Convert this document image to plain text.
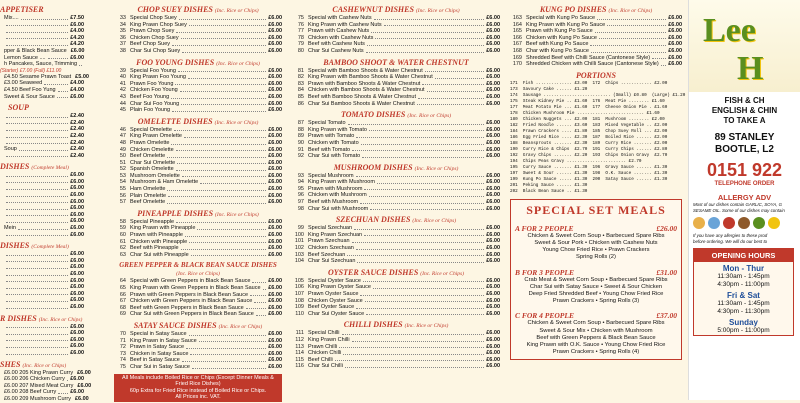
APPETISER
Mix....	£7.50
£6.00
£4.00
£4.20
£4.20
pper & Black Bean Sauce £6.00
Lemon Sauce ....	£6.00
h Pancakes, Sauce, Trimming
(Starter) £7.00 (Full) £11.00
£4.50 Sesame Prawn Toast £5.00
£3.00 Seaweed	£4.00
£4.50 Beef Foo Yung	£4.00
Sweet & Sour Sauce	£6.00
SOUP
£2.40
£2.40
£2.40
£2.40
£2.40
Soup	£2.40
£2.40
DISHES (Complete Meal)
£6.00
£6.00
£6.00
£6.00
£6.00
£6.00
£6.00
£6.00
Mein	£6.00
£6.00
DISHES (Complete Meal)
£6.00
£6.00
£6.00
£6.00
£6.00
£6.00
£6.00
£6.00
£6.00
R DISHES (Inc. Rice or Chips)
£6.00
£6.00
£6.00
£6.00
£6.00
SHES (Inc. Rice or Chips)
£6.00 205 King Prawn Curry £6.00
£6.00 206 Chicken Curry £6.00
£6.00 207 Mixed Meat Curry £6.00
£6.00 208 Beef Curry	£6.00
£6.00 209 Mushroom Curry £6.00
CHOP SUEY DISHES (Inc. Rice or Chips)
33 Special Chop Suey	£6.00
34 King Prawn Chop Suey	£6.00
35 Prawn Chop Suey	£6.00
36 Chicken Chop Suey	£6.00
37 Beef Chop Suey	£6.00
38 Char Sui Chop Suey	£6.00
FOO YOUNG DISHES (Inc. Rice or Chips)
39 Special Foo Young	£6.00
40 King Prawn Foo Young	£6.00
41 Prawn Foo Young	£6.00
42 Chicken Foo Young	£6.00
43 Beef Foo Young	£6.00
44 Char Sui Foo Young	£6.00
45 Plain Foo Young	£6.00
OMELETTE DISHES (Inc. Rice or Chips)
46 Special Omelette	£6.00
47 King Prawn Omelette	£6.00
48 Prawn Omelette	£6.00
49 Chicken Omelette	£6.00
50 Beef Omelette	£6.00
51 Char Sui Omelette	£6.00
52 Spanish Omelette	£6.00
53 Mushroom Omelette	£6.00
54 Mushroom & Ham Omelette	£6.00
55 Ham Omelette	£6.00
56 Plain Omelette	£6.00
57 Beef Omelette	£6.00
PINEAPPLE DISHES (Inc. Rice or Chips)
58 Special Pineapple	£6.00
59 King Prawn with Pineapple	£6.00
60 Prawn with Pineapple	£6.00
61 Chicken with Pineapple	£6.00
62 Beef with Pineapple	£6.00
63 Char Sui with Pineapple	£6.00
GREEN PEPPER & BLACK BEAN SAUCE DISHES
(Inc. Rice or Chips)
64 Special with Green Peppers in Black Bean Sauce	£6.00
65 King Prawn with Green Peppers in Black Bean Sauce £6.00
66 Prawn with Green Peppers in Black Bean Sauce	£6.00
67 Chicken with Green Peppers in Black Bean Sauce	£6.00
68 Beef with Green Peppers in Black Bean Sauce	£6.00
69 Char Sui with Green Peppers in Black Bean Sauce	£6.00
SATAY SAUCE DISHES (Inc. Rice or Chips)
70 Special in Satay Sauce	£6.00
71 King Prawn in Satay Sauce	£6.00
72 Prawn in Satay Sauce	£6.00
73 Chicken in Satay Sauce	£6.00
74 Beef in Satay Sauce	£6.00
75 Char Sui in Satay Sauce	£6.00
All Meals include Boiled Rice or Chips (Except Dinner Meals & Fried Rice Dishes)
60p Extra for Fried Rice instead of Boiled Rice or Chips.
All Prices inc. VAT.
CASHEWNUT DISHES (Inc. Rice or Chips)
75 Special with Cashew Nuts	£6.00
76 King Prawn with Cashew Nuts	£6.00
77 Prawn with Cashew Nuts	£6.00
78 Chicken with Cashew Nuts	£6.00
79 Beef with Cashew Nuts	£6.00
80 Char Sui Cashew Nuts	£6.00
BAMBOO SHOOT & WATER CHESTNUT
81 Special with Bamboo Shoots & Water Chestnut	£6.00
82 King Prawn with Bamboo Shoots & Water Chestnut	£6.00
83 Prawn with Bamboo Shoots & Water Chestnut	£6.00
84 Chicken with Bamboo Shoots & Water Chestnut	£6.00
85 Beef with Bamboo Shoots & Water Chestnut	£6.00
86 Char Sui Bamboo Shoots & Water Chestnut	£6.00
TOMATO DISHES (Inc. Rice or Chips)
87 Special Tomato	£6.00
88 King Prawn with Tomato	£6.00
89 Prawn with Tomato	£6.00
90 Chicken with Tomato	£6.00
91 Beef with Tomato	£6.00
92 Char Sui with Tomato	£6.00
MUSHROOM DISHES (Inc. Rice or Chips)
93 Special Mushroom	£6.00
94 King Prawn with Mushroom	£6.00
95 Prawn with Mushroom	£6.00
96 Chicken with Mushroom	£6.00
97 Beef with Mushroom	£6.00
98 Char Sui with Mushroom	£6.00
SZECHUAN DISHES (Inc. Rice or Chips)
99 Special Szechuan	£6.00
100 King Prawn Szechuan	£6.00
101 Prawn Szechuan	£6.00
102 Chicken Szechuan	£6.00
103 Beef Szechuan	£6.00
104 Char Sui Szechuan	£6.00
OYSTER SAUCE DISHES (Inc. Rice or Chips)
105 Special Oyster Sauce	£6.00
106 King Prawn Oyster Sauce	£6.00
107 Prawn Oyster Sauce	£6.00
108 Chicken Oyster Sauce	£6.00
109 Beef Oyster Sauce	£6.00
110 Char Sui Oyster Sauce	£6.00
CHILLI DISHES (Inc. Rice or Chips)
111 Special Chilli	£6.00
112 King Prawn Chilli	£6.00
113 Prawn Chilli	£6.00
114 Chicken Chilli	£6.00
115 Beef Chilli	£6.00
116 Char Sui Chilli	£6.00
KUNG PO DISHES (Inc. Rice or Chips)
163 Special with Kung Po Sauce	£6.00
164 King Prawn with Kung Po Sauce	£6.00
165 Prawn with Kung Po Sauce	£6.00
166 Chicken with Kung Po Sauce	£6.00
167 Beef with Kung Po Sauce	£6.00
168 Char with Kung Po Sauce	£6.00
169 Shredded Beef with Chilli Sauce (Cantonese Style)	£6.00
170 Shredded Chicken with Chilli Sauce (Cantonese Style) £6.00
PORTIONS
171  Fish .............. £3.00  172  Chips ............ £2.00
173  Savoury Cake ...... £1.20
174  Sausage .......................... (Small) £0.80  (Large) £1.20
175  Steak Kidney Pie .. £1.60  176  Meat Pie ........ £1.60
177  Meat Potato Pie ... £1.60  177  Cheese Onion Pie . £1.60
178  Chicken Mushroom Pie .......................... £1.60
180  Chicken Nuggets ... £2.00  181  Mushroom ........ £2.00
182  Fried Noodle ...... £3.60  183  Mixed Vegetable .. £2.00
184  Prawn Crackers .... £1.80  185  Chop Suey Roll ... £2.00
186  Egg Fried Rice .... £2.30  187  Boiled Rice ...... £2.00
188  Beansprouts ....... £2.30  189  Curry Rice ....... £2.00
190  Curry Rice & Chips  £2.70  191  Curry Chips ...... £2.80
192  Gravy Chips ....... £2.20  193  Chips Onion Gravy  £2.70
194  Chips Peas Gravy ....................... £2.70
195  Curry Sauce ....... £1.30  196  Gravy Sauce ...... £1.30
197  Sweet & Sour ...... £1.30  198  O.K. Sauce ....... £1.30
199  Kung Po Sauce ..... £1.30  200  Satay Sauce ...... £1.30
201  Peking Sauce ...... £1.30
202  Black Bean Sauce .. £1.30
SPECIAL SET MEALS
A FOR 2 PEOPLE	£26.00
Chicken & Sweet Corn Soup • Barbecued Spare Ribs
Sweet & Sour Pork • Chicken with Cashew Nuts
Young Chow Fried Rice • Prawn Crackers
Spring Rolls (2)
B FOR 3 PEOPLE	£31.00
Crab Meat & Sweet Corn Soup • Barbecued Spare Ribs
Char Sui with Satay Sauce • Sweet & Sour Chicken
Deep Fried Shredded Beef • Young Chow Fried Rice
Prawn Crackers • Spring Rolls (3)
C FOR 4 PEOPLE	£37.00
Chicken & Sweet Corn Soup • Barbecued Spare Ribs
Sweet & Sour Mix • Chicken with Mushroom
Beef with Green Peppers & Black Bean Sauce
King Prawn with O.K. Sauce • Young Chow Fried Rice
Prawn Crackers • Spring Rolls (4)
Lee
H
FISH & CH
ENGLISH & CHIN
TO TAKE A
89 STANLEY
BOOTLE, L2
0151 922
TELEPHONE ORDER
ALLERGY ADV
Most of our dishes contain GARLIC, SOYA, G
SESAME OIL. Some of our dishes may contain
If you have any allergies to these prod
before ordering. We will do our best to
OPENING HOURS
Mon - Thur
11:30am - 1:45pm
4:30pm - 11:00pm
Fri & Sat
11:30am - 1:45pm
4:30pm - 11:30pm
Sunday
5:00pm - 11:00pm
